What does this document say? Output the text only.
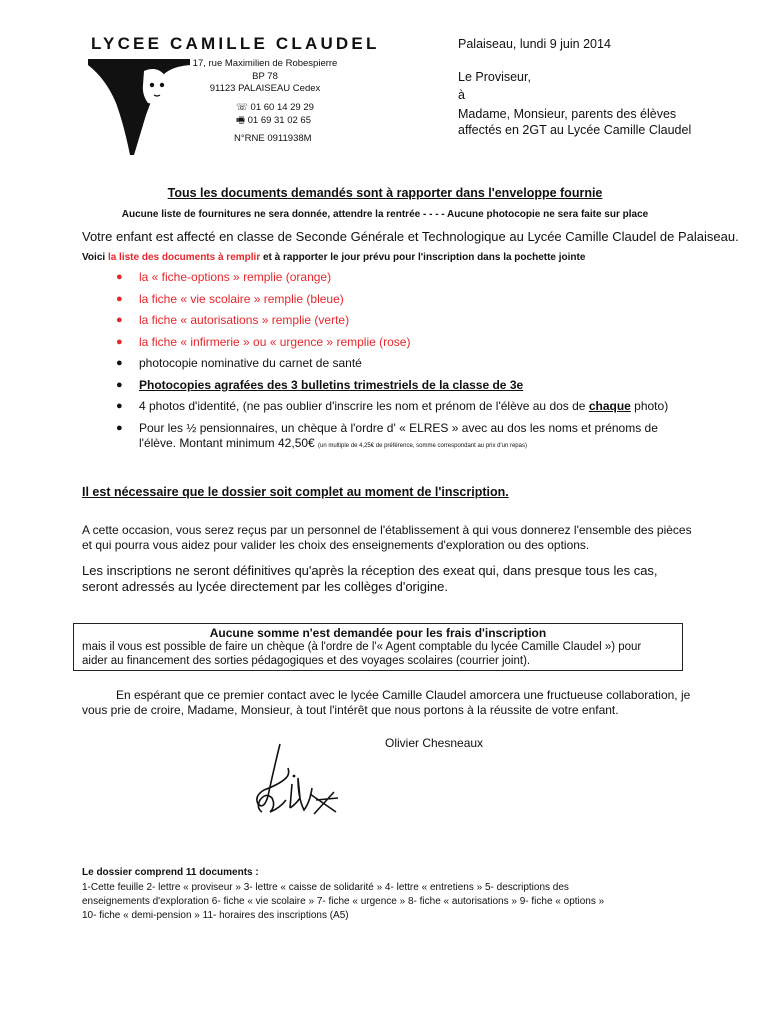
LYCEE CAMILLE CLAUDEL
17, rue Maximilien de Robespierre
BP 78
91123 PALAISEAU Cedex
☏ 01 60 14 29 29
🖷 01 69 31 02 65
N°RNE 0911938M
Palaiseau, lundi 9 juin 2014
Le Proviseur,
à
Madame, Monsieur, parents des élèves
affectés en 2GT au Lycée Camille Claudel
Tous les documents demandés sont à rapporter dans l'enveloppe fournie
Aucune liste de fournitures ne sera donnée, attendre la rentrée - - - - Aucune photocopie ne sera faite sur place
Votre enfant est affecté en classe de Seconde Générale et Technologique au Lycée Camille Claudel de Palaiseau.
Voici la liste des documents à remplir et à rapporter le jour prévu pour l'inscription dans la pochette jointe
● la « fiche-options » remplie (orange)
● la fiche « vie scolaire » remplie (bleue)
● la fiche « autorisations » remplie (verte)
● la fiche « infirmerie » ou « urgence » remplie (rose)
● photocopie nominative du carnet de santé
● Photocopies agrafées des 3 bulletins trimestriels de la classe de 3e
● 4 photos d'identité, (ne pas oublier d'inscrire les nom et prénom de l'élève au dos de chaque photo)
● Pour les ½ pensionnaires, un chèque à l'ordre d' « ELRES » avec au dos les noms et prénoms de
l'élève. Montant minimum 42,50€ (un multiple de 4,25€ de préférence, somme correspondant au prix d'un repas)
Il est nécessaire que le dossier soit complet au moment de l'inscription.
A cette occasion, vous serez reçus par un personnel de l'établissement à qui vous donnerez l'ensemble des pièces
et qui pourra vous aidez pour valider les choix des enseignements d'exploration ou des options.
Les inscriptions ne seront définitives qu'après la réception des exeat qui, dans presque tous les cas,
seront adressés au lycée directement par les collèges d'origine.
Aucune somme n'est demandée pour les frais d'inscription
mais il vous est possible de faire un chèque (à l'ordre de l'« Agent comptable du lycée Camille Claudel ») pour
aider au financement des sorties pédagogiques et des voyages scolaires (courrier joint).
En espérant que ce premier contact avec le lycée Camille Claudel amorcera une fructueuse collaboration, je
vous prie de croire, Madame, Monsieur, à tout l'intérêt que nous portons à la réussite de votre enfant.
Olivier Chesneaux
Le dossier comprend 11 documents :
1-Cette feuille 2- lettre « proviseur » 3- lettre « caisse de solidarité » 4- lettre « entretiens » 5- descriptions des
enseignements d'exploration 6- fiche « vie scolaire » 7- fiche « urgence » 8- fiche « autorisations » 9- fiche « options »
10- fiche « demi-pension » 11- horaires des inscriptions (A5)
